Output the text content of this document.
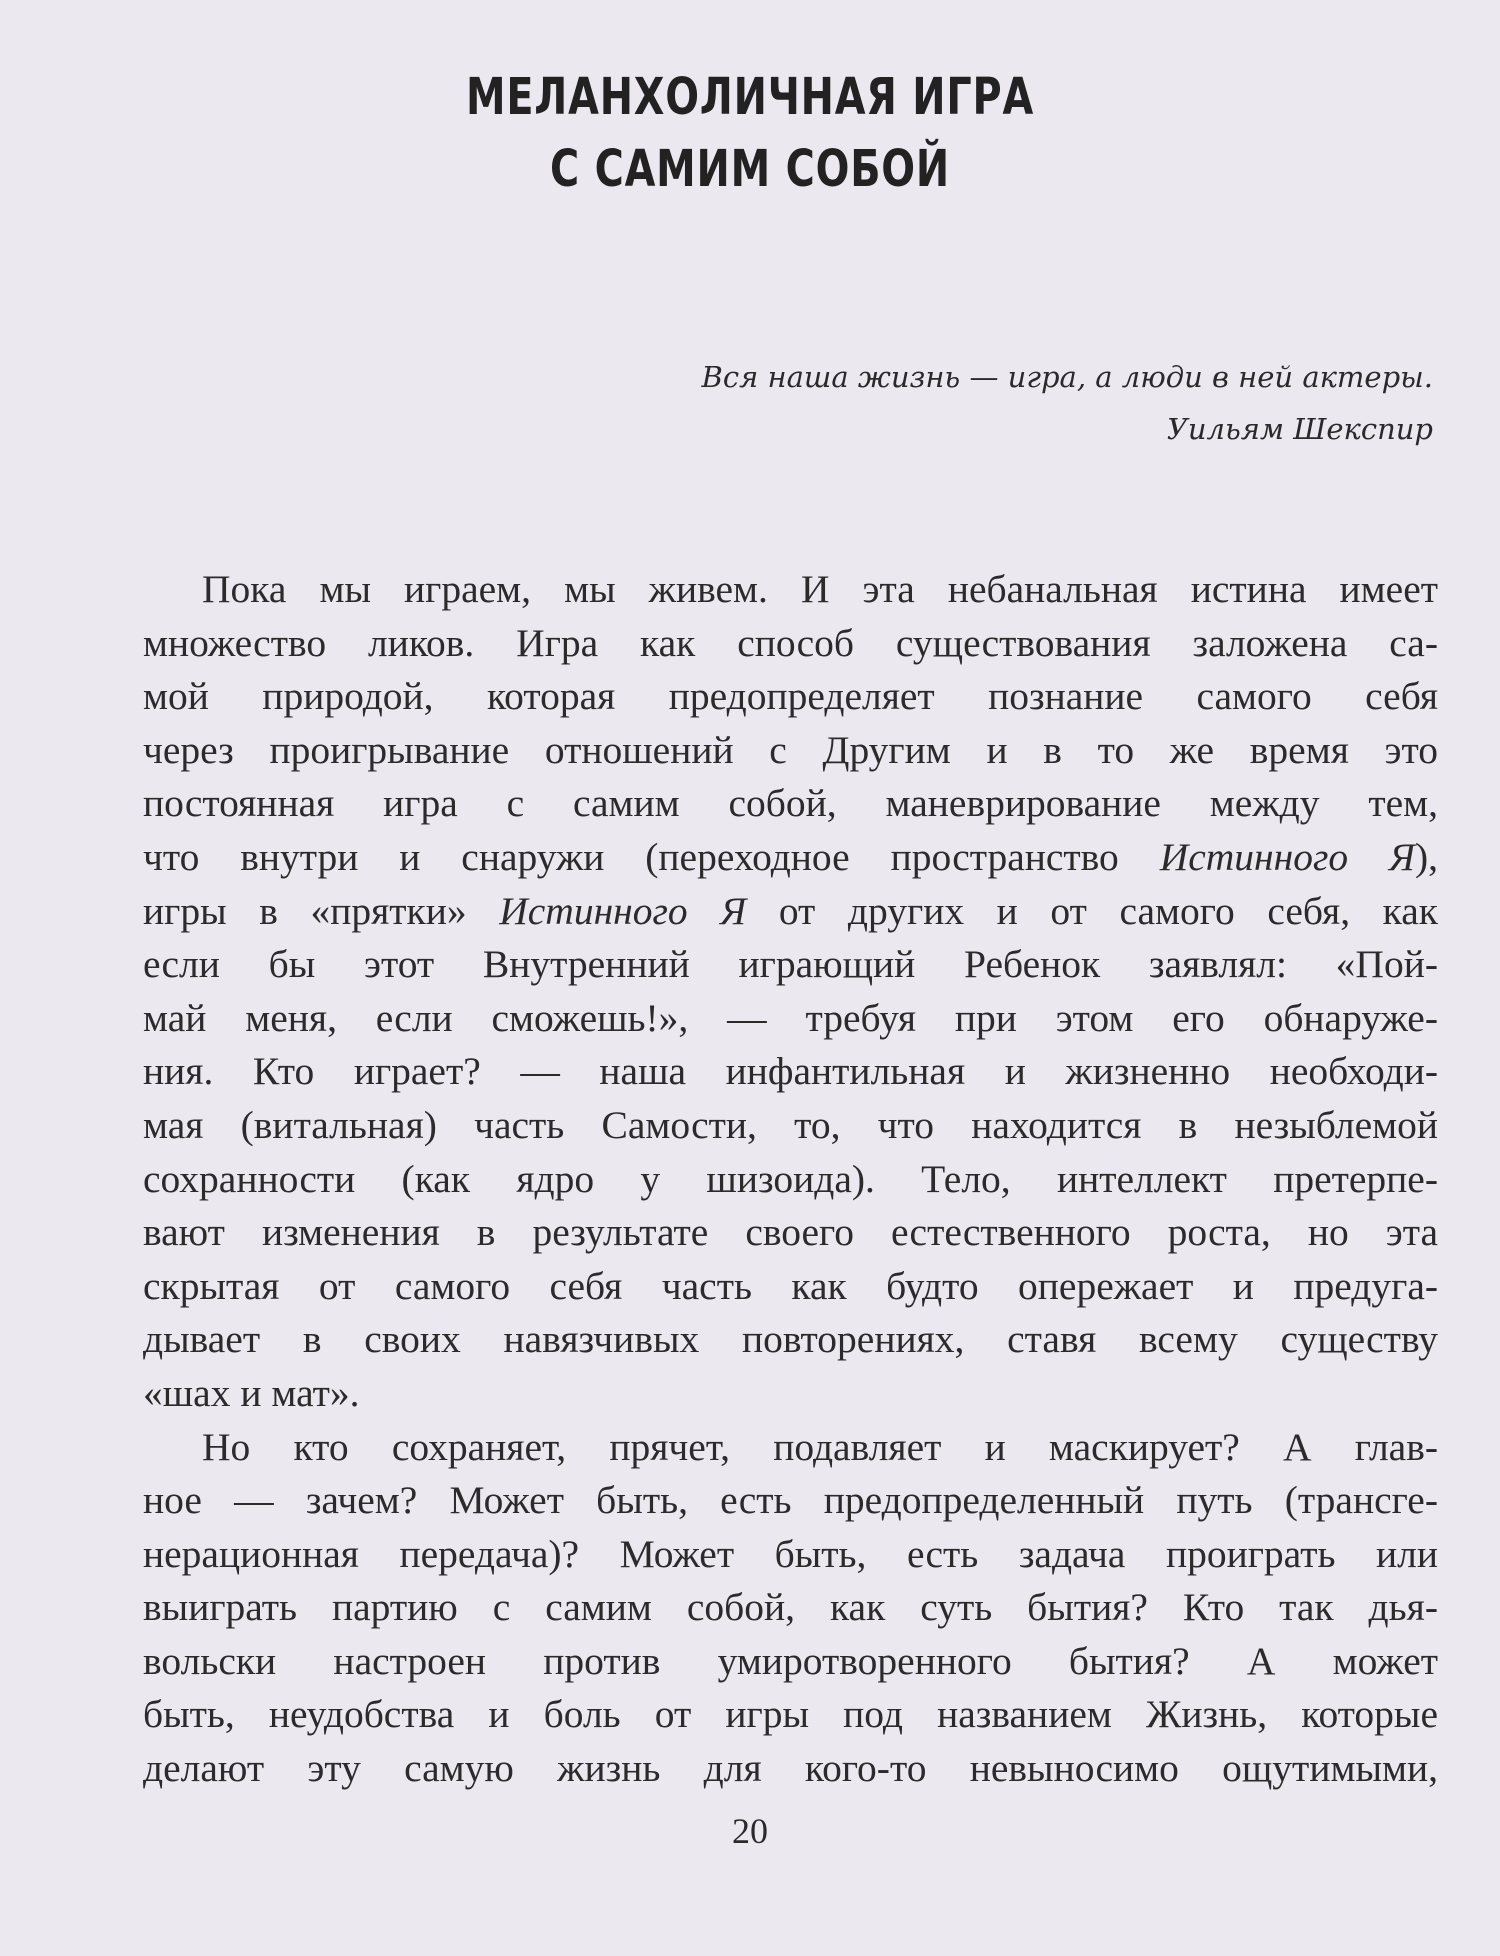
МЕЛАНХОЛИЧНАЯ ИГРА
С САМИМ СОБОЙ
Вся наша жизнь — игра, а люди в ней актеры.
Уильям Шекспир
Пока мы играем, мы живем. И эта небанальная истина имеет
множество ликов. Игра как способ существования заложена са-
мой природой, которая предопределяет познание самого себя
через проигрывание отношений с Другим и в то же время это
постоянная игра с самим собой, маневрирование между тем,
что внутри и снаружи (переходное пространство Истинного Я),
игры в «прятки» Истинного Я от других и от самого себя, как
если бы этот Внутренний играющий Ребенок заявлял: «Пой-
май меня, если сможешь!», — требуя при этом его обнаруже-
ния. Кто играет? — наша инфантильная и жизненно необходи-
мая (витальная) часть Самости, то, что находится в незыблемой
сохранности (как ядро у шизоида). Тело, интеллект претерпе-
вают изменения в результате своего естественного роста, но эта
скрытая от самого себя часть как будто опережает и предуга-
дывает в своих навязчивых повторениях, ставя всему существу
«шах и мат».
Но кто сохраняет, прячет, подавляет и маскирует? А глав-
ное — зачем? Может быть, есть предопределенный путь (трансге-
нерационная передача)? Может быть, есть задача проиграть или
выиграть партию с самим собой, как суть бытия? Кто так дья-
вольски настроен против умиротворенного бытия? А может
быть, неудобства и боль от игры под названием Жизнь, которые
делают эту самую жизнь для кого-то невыносимо ощутимыми,
20
